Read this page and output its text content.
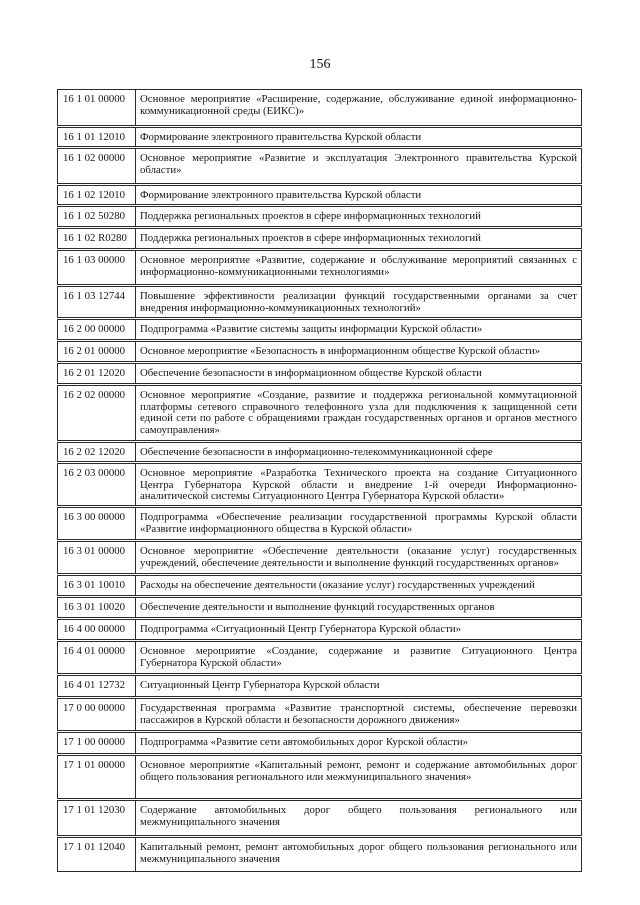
156
16 1 01 00000	Основное мероприятие «Расширение, содержание, обслуживание единой информационно-коммуникационной среды (ЕИКС)»
16 1 01 12010	Формирование электронного правительства Курской области
16 1 02 00000	Основное мероприятие «Развитие и эксплуатация Электронного правительства Курской области»
16 1 02 12010	Формирование электронного правительства Курской области
16 1 02 50280	Поддержка региональных проектов в сфере информационных технологий
16 1 02 R0280	Поддержка региональных проектов в сфере информационных технологий
16 1 03 00000	Основное мероприятие «Развитие, содержание и обслуживание мероприятий связанных с информационно-коммуникационными технологиями»
16 1 03 12744	Повышение эффективности реализации функций государственными органами за счет внедрения информационно-коммуникационных технологий»
16 2 00 00000	Подпрограмма «Развитие системы защиты информации Курской области»
16 2 01 00000	Основное мероприятие «Безопасность в информационном обществе Курской области»
16 2 01 12020	Обеспечение безопасности в информационном обществе Курской области
16 2 02 00000	Основное мероприятие «Создание, развитие и поддержка региональной коммутационной платформы сетевого справочного телефонного узла для подключения к защищенной сети единой сети по работе с обращениями граждан государственных органов и органов местного самоуправления»
16 2 02 12020	Обеспечение безопасности в информационно-телекоммуникационной сфере
16 2 03 00000	Основное мероприятие «Разработка Технического проекта на создание Ситуационного Центра Губернатора Курской области и внедрение 1-й очереди Информационно-аналитической системы Ситуационного Центра Губернатора Курской области»
16 3 00 00000	Подпрограмма «Обеспечение реализации государственной программы Курской области «Развитие информационного общества в Курской области»
16 3 01 00000	Основное мероприятие «Обеспечение деятельности (оказание услуг) государственных учреждений, обеспечение деятельности и выполнение функций государственных органов»
16 3 01 10010	Расходы на обеспечение деятельности (оказание услуг) государственных учреждений
16 3 01 10020	Обеспечение деятельности и выполнение функций государственных органов
16 4 00 00000	Подпрограмма «Ситуационный Центр Губернатора Курской области»
16 4 01 00000	Основное мероприятие «Создание, содержание и развитие Ситуационного Центра Губернатора Курской области»
16 4 01 12732	Ситуационный Центр Губернатора Курской области
17 0 00 00000	Государственная программа «Развитие транспортной системы, обеспечение перевозки пассажиров в Курской области и безопасности дорожного движения»
17 1 00 00000	Подпрограмма «Развитие сети автомобильных дорог Курской области»
17 1 01 00000	Основное мероприятие «Капитальный ремонт, ремонт и содержание автомобильных дорог общего пользования регионального или межмуниципального значения»
17 1 01 12030	Содержание автомобильных дорог общего пользования регионального или межмуниципального значения
17 1 01 12040	Капитальный ремонт, ремонт автомобильных дорог общего пользования регионального или межмуниципального значения
